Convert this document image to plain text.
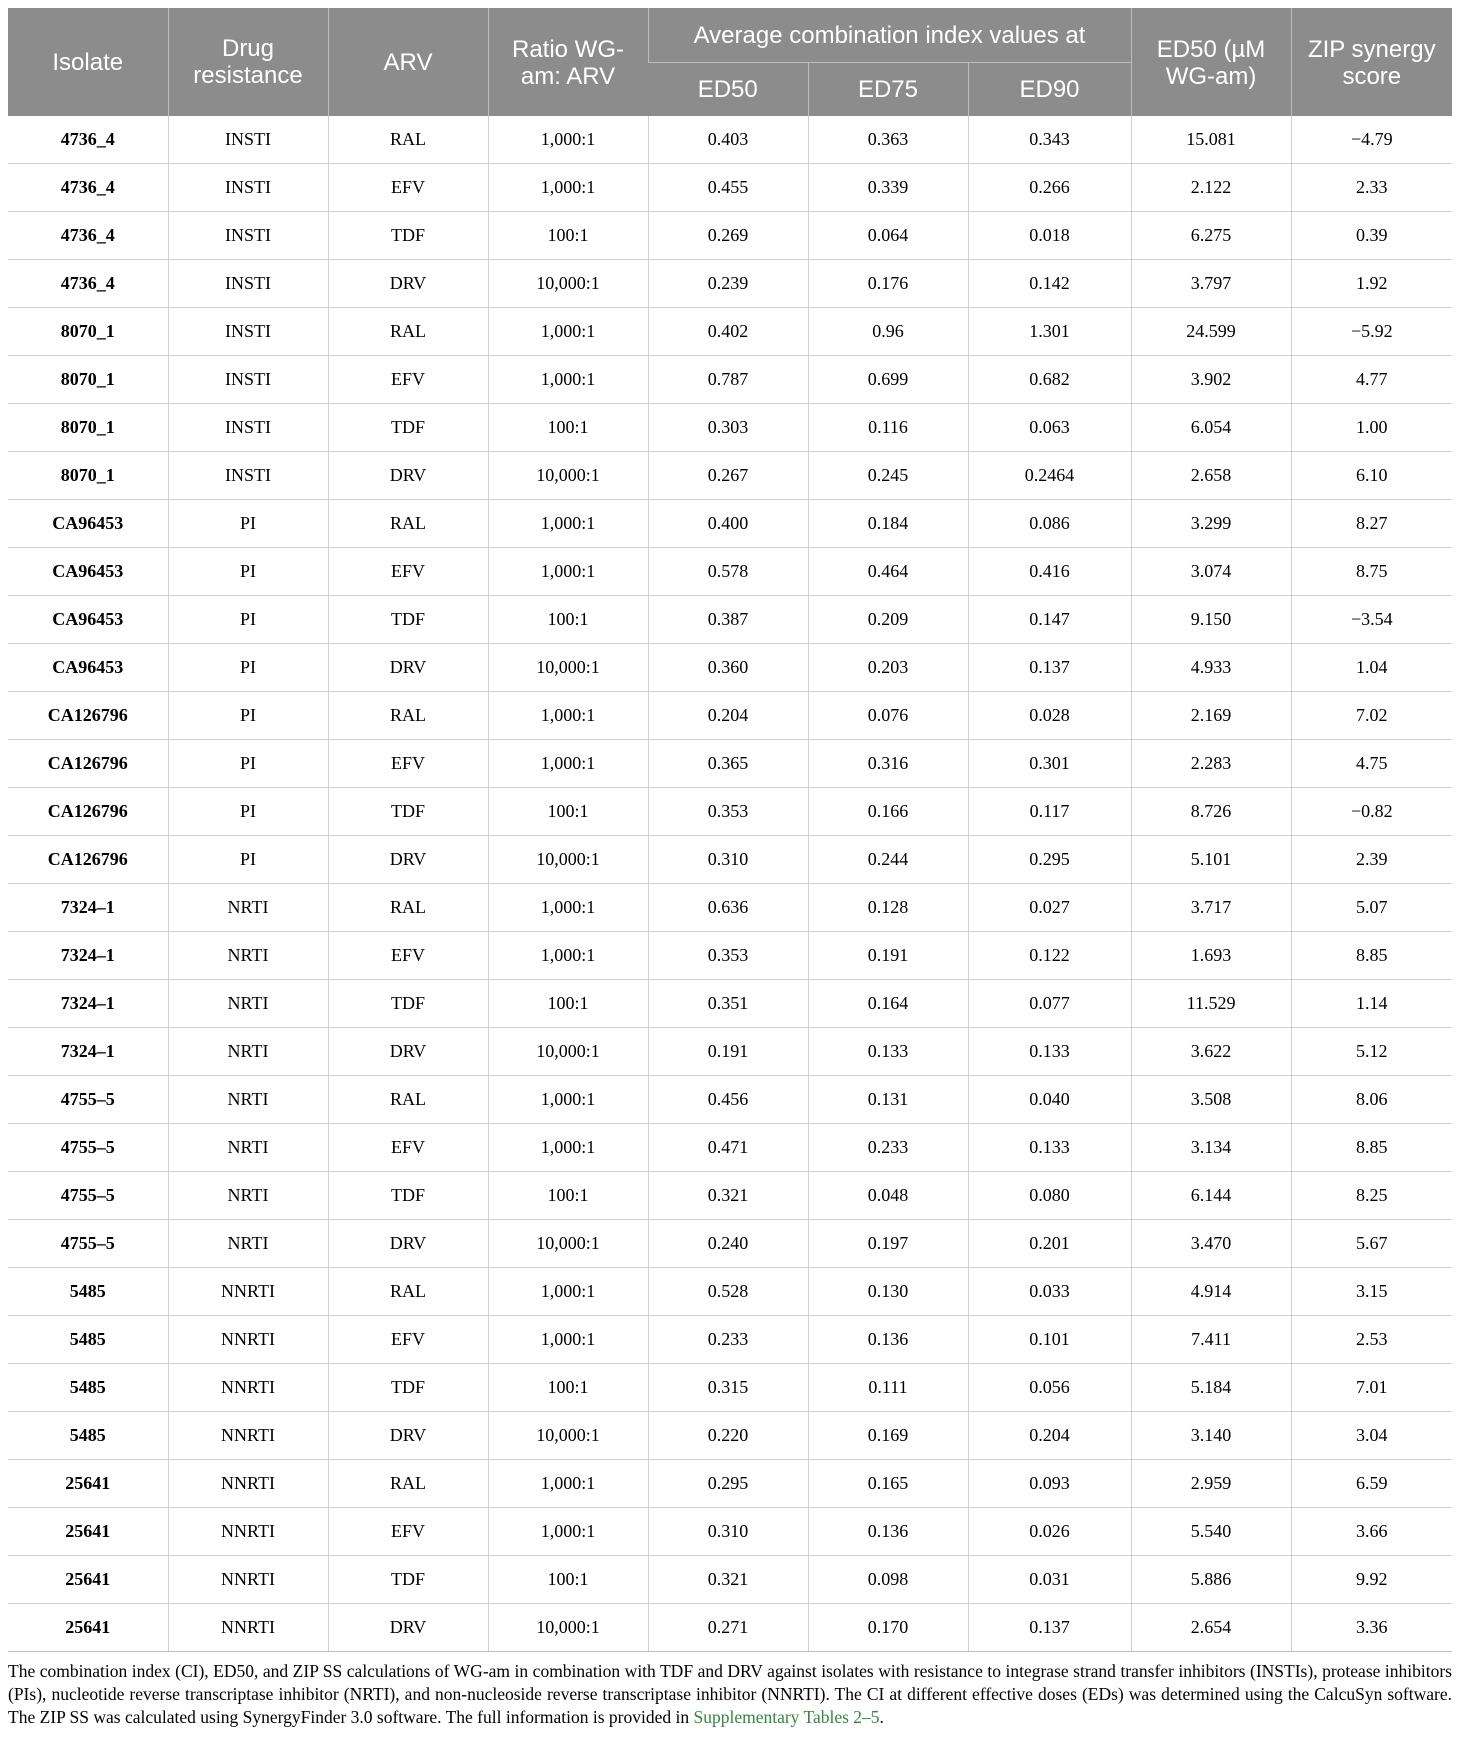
Isolate	Drug resistance	ARV	Ratio WG-am: ARV	Average combination index values at			ED50 (µM WG-am)	ZIP synergy score
				ED50	ED75	ED90		
4736_4	INSTI	RAL	1,000:1	0.403	0.363	0.343	15.081	−4.79
4736_4	INSTI	EFV	1,000:1	0.455	0.339	0.266	2.122	2.33
4736_4	INSTI	TDF	100:1	0.269	0.064	0.018	6.275	0.39
4736_4	INSTI	DRV	10,000:1	0.239	0.176	0.142	3.797	1.92
8070_1	INSTI	RAL	1,000:1	0.402	0.96	1.301	24.599	−5.92
8070_1	INSTI	EFV	1,000:1	0.787	0.699	0.682	3.902	4.77
8070_1	INSTI	TDF	100:1	0.303	0.116	0.063	6.054	1.00
8070_1	INSTI	DRV	10,000:1	0.267	0.245	0.2464	2.658	6.10
CA96453	PI	RAL	1,000:1	0.400	0.184	0.086	3.299	8.27
CA96453	PI	EFV	1,000:1	0.578	0.464	0.416	3.074	8.75
CA96453	PI	TDF	100:1	0.387	0.209	0.147	9.150	−3.54
CA96453	PI	DRV	10,000:1	0.360	0.203	0.137	4.933	1.04
CA126796	PI	RAL	1,000:1	0.204	0.076	0.028	2.169	7.02
CA126796	PI	EFV	1,000:1	0.365	0.316	0.301	2.283	4.75
CA126796	PI	TDF	100:1	0.353	0.166	0.117	8.726	−0.82
CA126796	PI	DRV	10,000:1	0.310	0.244	0.295	5.101	2.39
7324–1	NRTI	RAL	1,000:1	0.636	0.128	0.027	3.717	5.07
7324–1	NRTI	EFV	1,000:1	0.353	0.191	0.122	1.693	8.85
7324–1	NRTI	TDF	100:1	0.351	0.164	0.077	11.529	1.14
7324–1	NRTI	DRV	10,000:1	0.191	0.133	0.133	3.622	5.12
4755–5	NRTI	RAL	1,000:1	0.456	0.131	0.040	3.508	8.06
4755–5	NRTI	EFV	1,000:1	0.471	0.233	0.133	3.134	8.85
4755–5	NRTI	TDF	100:1	0.321	0.048	0.080	6.144	8.25
4755–5	NRTI	DRV	10,000:1	0.240	0.197	0.201	3.470	5.67
5485	NNRTI	RAL	1,000:1	0.528	0.130	0.033	4.914	3.15
5485	NNRTI	EFV	1,000:1	0.233	0.136	0.101	7.411	2.53
5485	NNRTI	TDF	100:1	0.315	0.111	0.056	5.184	7.01
5485	NNRTI	DRV	10,000:1	0.220	0.169	0.204	3.140	3.04
25641	NNRTI	RAL	1,000:1	0.295	0.165	0.093	2.959	6.59
25641	NNRTI	EFV	1,000:1	0.310	0.136	0.026	5.540	3.66
25641	NNRTI	TDF	100:1	0.321	0.098	0.031	5.886	9.92
25641	NNRTI	DRV	10,000:1	0.271	0.170	0.137	2.654	3.36

The combination index (CI), ED50, and ZIP SS calculations of WG-am in combination with TDF and DRV against isolates with resistance to integrase strand transfer inhibitors (INSTIs), protease inhibitors (PIs), nucleotide reverse transcriptase inhibitor (NRTI), and non-nucleoside reverse transcriptase inhibitor (NNRTI). The CI at different effective doses (EDs) was determined using the CalcuSyn software. The ZIP SS was calculated using SynergyFinder 3.0 software. The full information is provided in Supplementary Tables 2–5.
